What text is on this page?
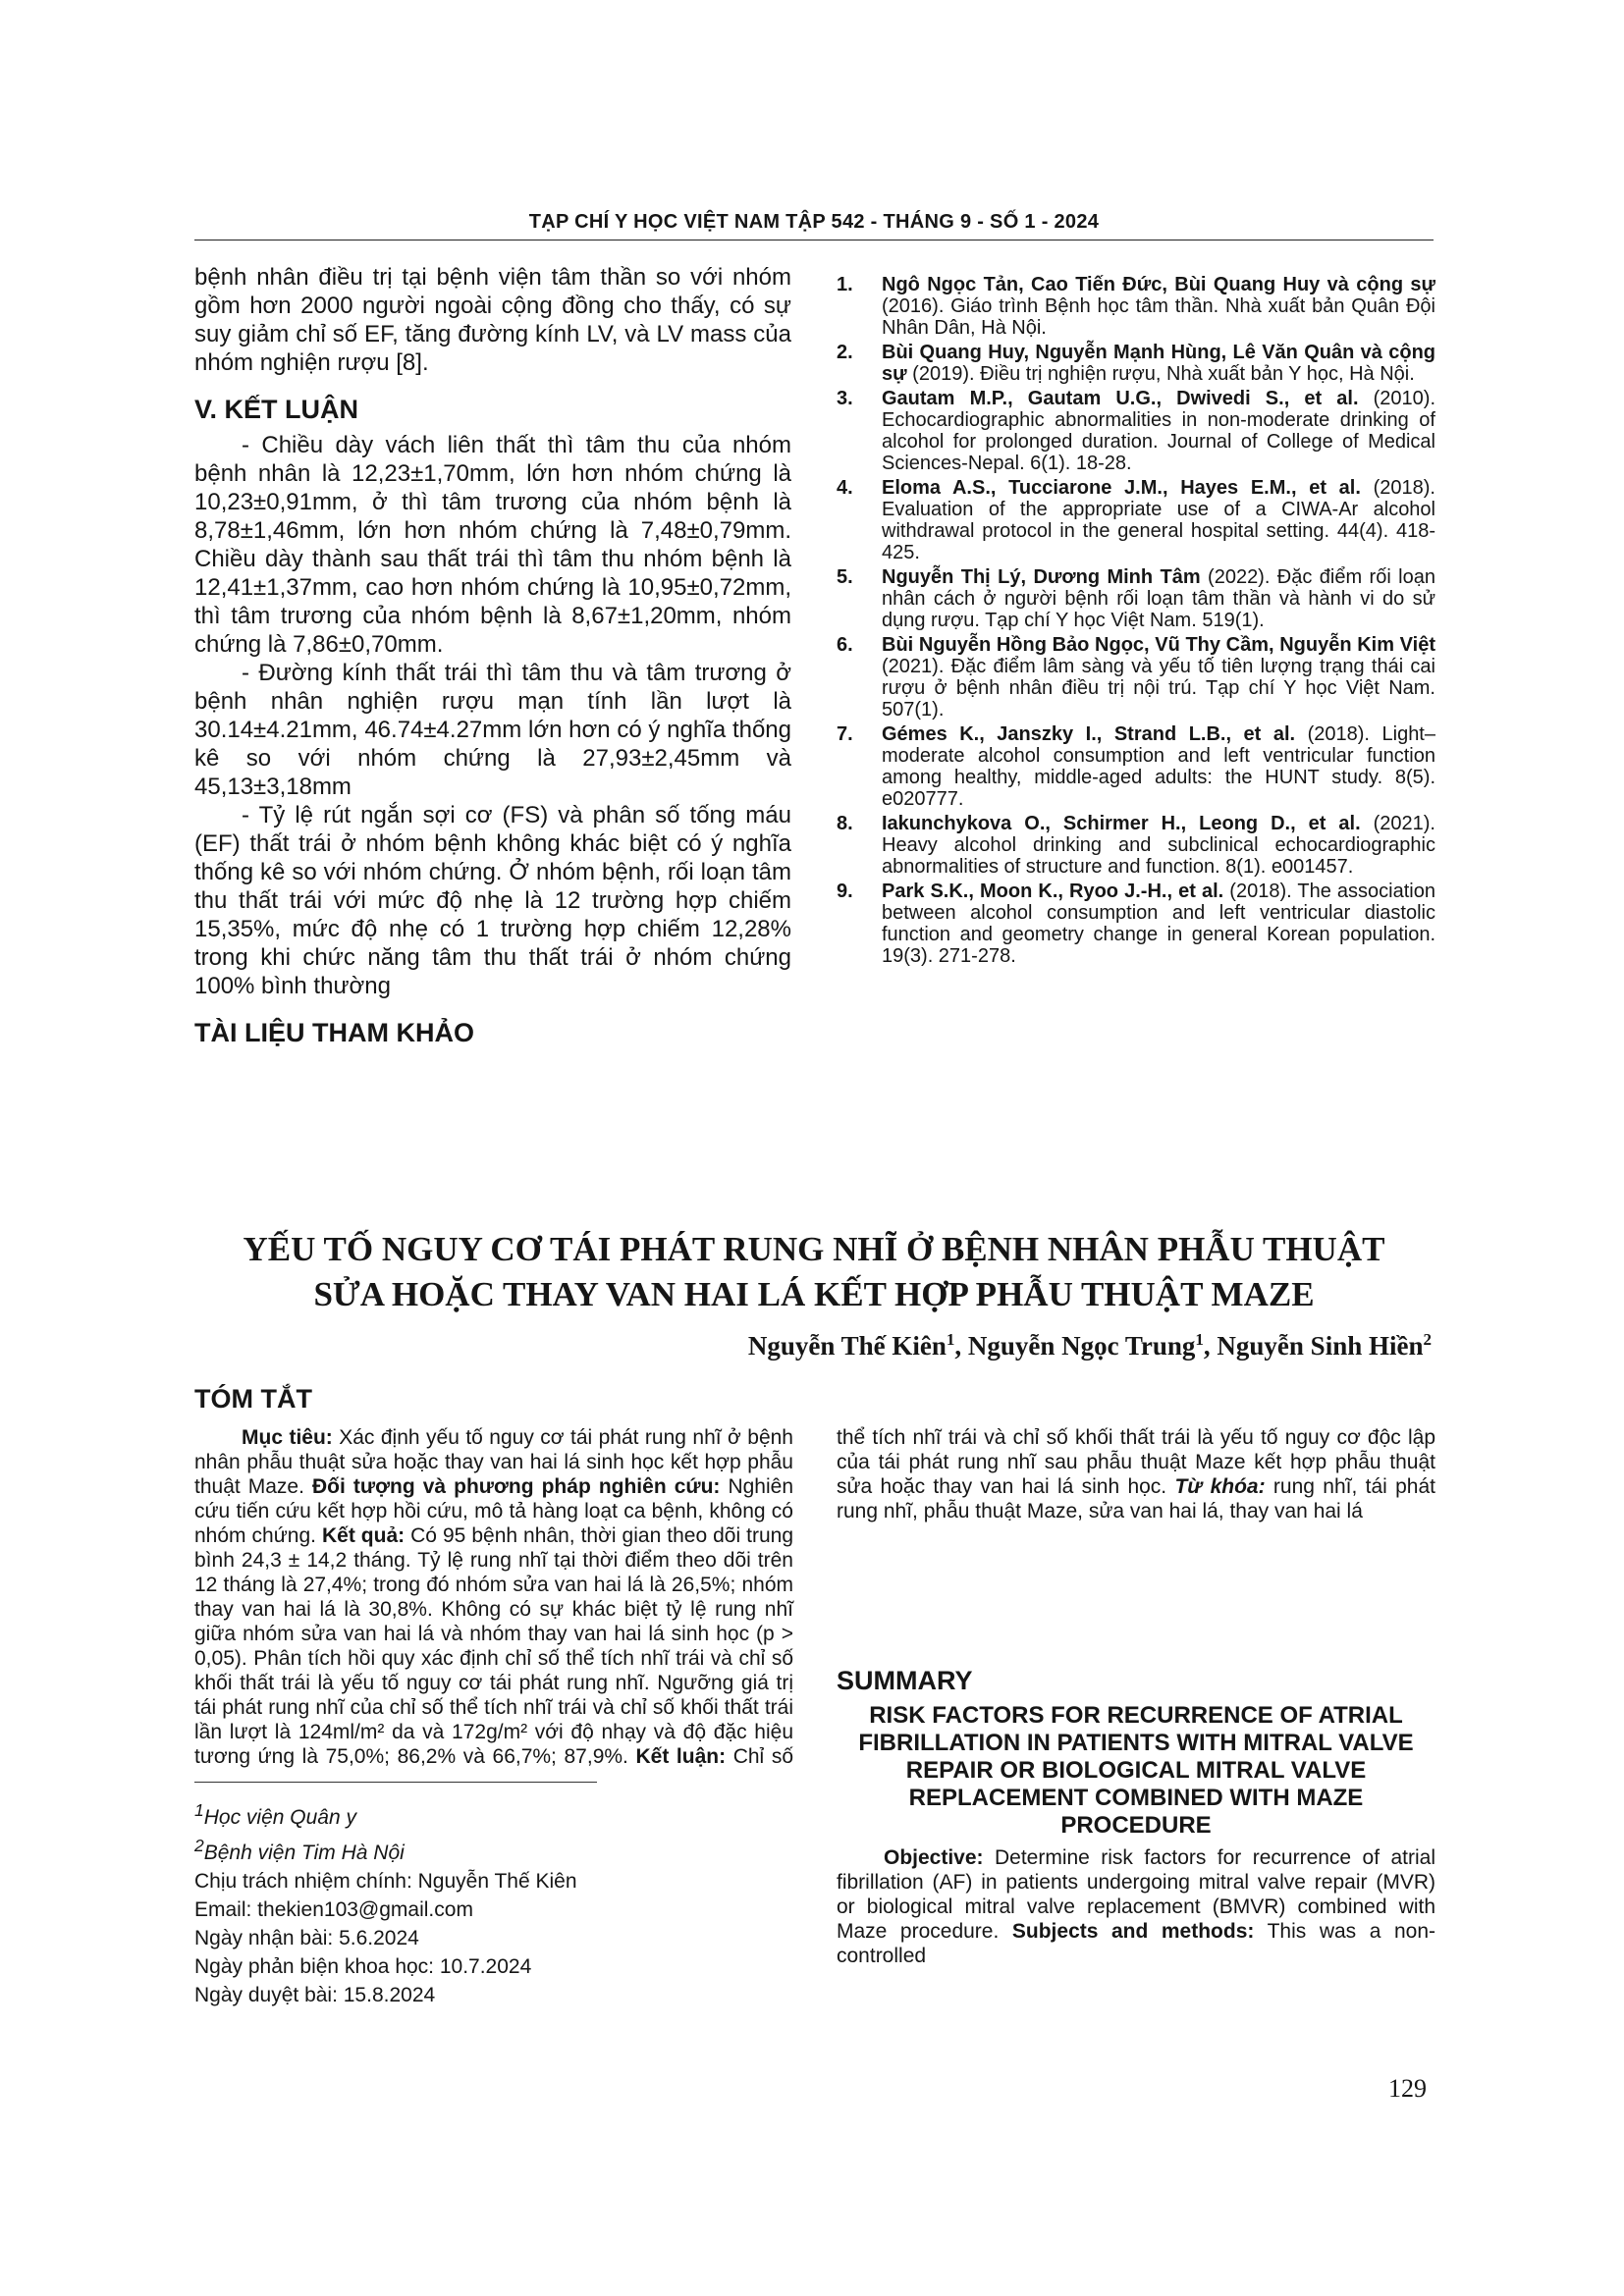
TẠP CHÍ Y HỌC VIỆT NAM TẬP 542 - THÁNG 9 - SỐ 1 - 2024

bệnh nhân điều trị tại bệnh viện tâm thần so với nhóm gồm hơn 2000 người ngoài cộng đồng cho thấy, có sự suy giảm chỉ số EF, tăng đường kính LV, và LV mass của nhóm nghiện rượu [8].

V. KẾT LUẬN

- Chiều dày vách liên thất thì tâm thu của nhóm bệnh nhân là 12,23±1,70mm, lớn hơn nhóm chứng là 10,23±0,91mm, ở thì tâm trương của nhóm bệnh là 8,78±1,46mm, lớn hơn nhóm chứng là 7,48±0,79mm. Chiều dày thành sau thất trái thì tâm thu nhóm bệnh là 12,41±1,37mm, cao hơn nhóm chứng là 10,95±0,72mm, thì tâm trương của nhóm bệnh là 8,67±1,20mm, nhóm chứng là 7,86±0,70mm.

- Đường kính thất trái thì tâm thu và tâm trương ở bệnh nhân nghiện rượu mạn tính lần lượt là 30.14±4.21mm, 46.74±4.27mm lớn hơn có ý nghĩa thống kê so với nhóm chứng là 27,93±2,45mm và 45,13±3,18mm

- Tỷ lệ rút ngắn sợi cơ (FS) và phân số tống máu (EF) thất trái ở nhóm bệnh không khác biệt có ý nghĩa thống kê so với nhóm chứng. Ở nhóm bệnh, rối loạn tâm thu thất trái với mức độ nhẹ là 12 trường hợp chiếm 15,35%, mức độ nhẹ có 1 trường hợp chiếm 12,28% trong khi chức năng tâm thu thất trái ở nhóm chứng 100% bình thường

TÀI LIỆU THAM KHẢO
1.	Ngô Ngọc Tản, Cao Tiến Đức, Bùi Quang Huy và cộng sự (2016). Giáo trình Bệnh học tâm thần. Nhà xuất bản Quân Đội Nhân Dân, Hà Nội.
2.	Bùi Quang Huy, Nguyễn Mạnh Hùng, Lê Văn Quân và cộng sự (2019). Điều trị nghiện rượu, Nhà xuất bản Y học, Hà Nội.
3.	Gautam M.P., Gautam U.G., Dwivedi S., et al. (2010). Echocardiographic abnormalities in non-moderate drinking of alcohol for prolonged duration. Journal of College of Medical Sciences-Nepal. 6(1). 18-28.
4.	Eloma A.S., Tucciarone J.M., Hayes E.M., et al. (2018). Evaluation of the appropriate use of a CIWA-Ar alcohol withdrawal protocol in the general hospital setting. 44(4). 418-425.
5.	Nguyễn Thị Lý, Dương Minh Tâm (2022). Đặc điểm rối loạn nhân cách ở người bệnh rối loạn tâm thần và hành vi do sử dụng rượu. Tạp chí Y học Việt Nam. 519(1).
6.	Bùi Nguyễn Hồng Bảo Ngọc, Vũ Thy Cầm, Nguyễn Kim Việt (2021). Đặc điểm lâm sàng và yếu tố tiên lượng trạng thái cai rượu ở bệnh nhân điều trị nội trú. Tạp chí Y học Việt Nam. 507(1).
7.	Gémes K., Janszky I., Strand L.B., et al. (2018). Light–moderate alcohol consumption and left ventricular function among healthy, middle-aged adults: the HUNT study. 8(5). e020777.
8.	Iakunchykova O., Schirmer H., Leong D., et al. (2021). Heavy alcohol drinking and subclinical echocardiographic abnormalities of structure and function. 8(1). e001457.
9.	Park S.K., Moon K., Ryoo J.-H., et al. (2018). The association between alcohol consumption and left ventricular diastolic function and geometry change in general Korean population. 19(3). 271-278.
YẾU TỐ NGUY CƠ TÁI PHÁT RUNG NHĨ Ở BỆNH NHÂN PHẪU THUẬT
SỬA HOẶC THAY VAN HAI LÁ KẾT HỢP PHẪU THUẬT MAZE
Nguyễn Thế Kiên$^1$, Nguyễn Ngọc Trung$^1$, Nguyễn Sinh Hiền$^2$
TÓM TẮT

Mục tiêu: Xác định yếu tố nguy cơ tái phát rung nhĩ ở bệnh nhân phẫu thuật sửa hoặc thay van hai lá sinh học kết hợp phẫu thuật Maze. Đối tượng và phương pháp nghiên cứu: Nghiên cứu tiến cứu kết hợp hồi cứu, mô tả hàng loạt ca bệnh, không có nhóm chứng. Kết quả: Có 95 bệnh nhân, thời gian theo dõi trung bình 24,3 ± 14,2 tháng. Tỷ lệ rung nhĩ tại thời điểm theo dõi trên 12 tháng là 27,4%; trong đó nhóm sửa van hai lá là 26,5%; nhóm thay van hai lá là 30,8%. Không có sự khác biệt tỷ lệ rung nhĩ giữa nhóm sửa van hai lá và nhóm thay van hai lá sinh học (p > 0,05). Phân tích hồi quy xác định chỉ số thể tích nhĩ trái và chỉ số khối thất trái là yếu tố nguy cơ tái phát rung nhĩ. Ngưỡng giá trị tái phát rung nhĩ của chỉ số thể tích nhĩ trái và chỉ số khối thất trái lần lượt là 124ml/m² da và 172g/m² với độ nhạy và độ đặc hiệu tương ứng là 75,0%; 86,2% và 66,7%; 87,9%. Kết luận: Chỉ số thể tích nhĩ trái và chỉ số khối thất trái là yếu tố nguy cơ độc lập của tái phát rung nhĩ sau phẫu thuật Maze kết hợp phẫu thuật sửa hoặc thay van hai lá sinh học. Từ khóa: rung nhĩ, tái phát rung nhĩ, phẫu thuật Maze, sửa van hai lá, thay van hai lá

SUMMARY
RISK FACTORS FOR RECURRENCE OF ATRIAL FIBRILLATION IN PATIENTS WITH MITRAL VALVE REPAIR OR BIOLOGICAL MITRAL VALVE REPLACEMENT COMBINED WITH MAZE PROCEDURE

Objective: Determine risk factors for recurrence of atrial fibrillation (AF) in patients undergoing mitral valve repair (MVR) or biological mitral valve replacement (BMVR) combined with Maze procedure. Subjects and methods: This was a non-controlled

$^1$Học viện Quân y
$^2$Bệnh viện Tim Hà Nội
Chịu trách nhiệm chính: Nguyễn Thế Kiên
Email: thekien103@gmail.com
Ngày nhận bài: 5.6.2024
Ngày phản biện khoa học: 10.7.2024
Ngày duyệt bài: 15.8.2024
129
